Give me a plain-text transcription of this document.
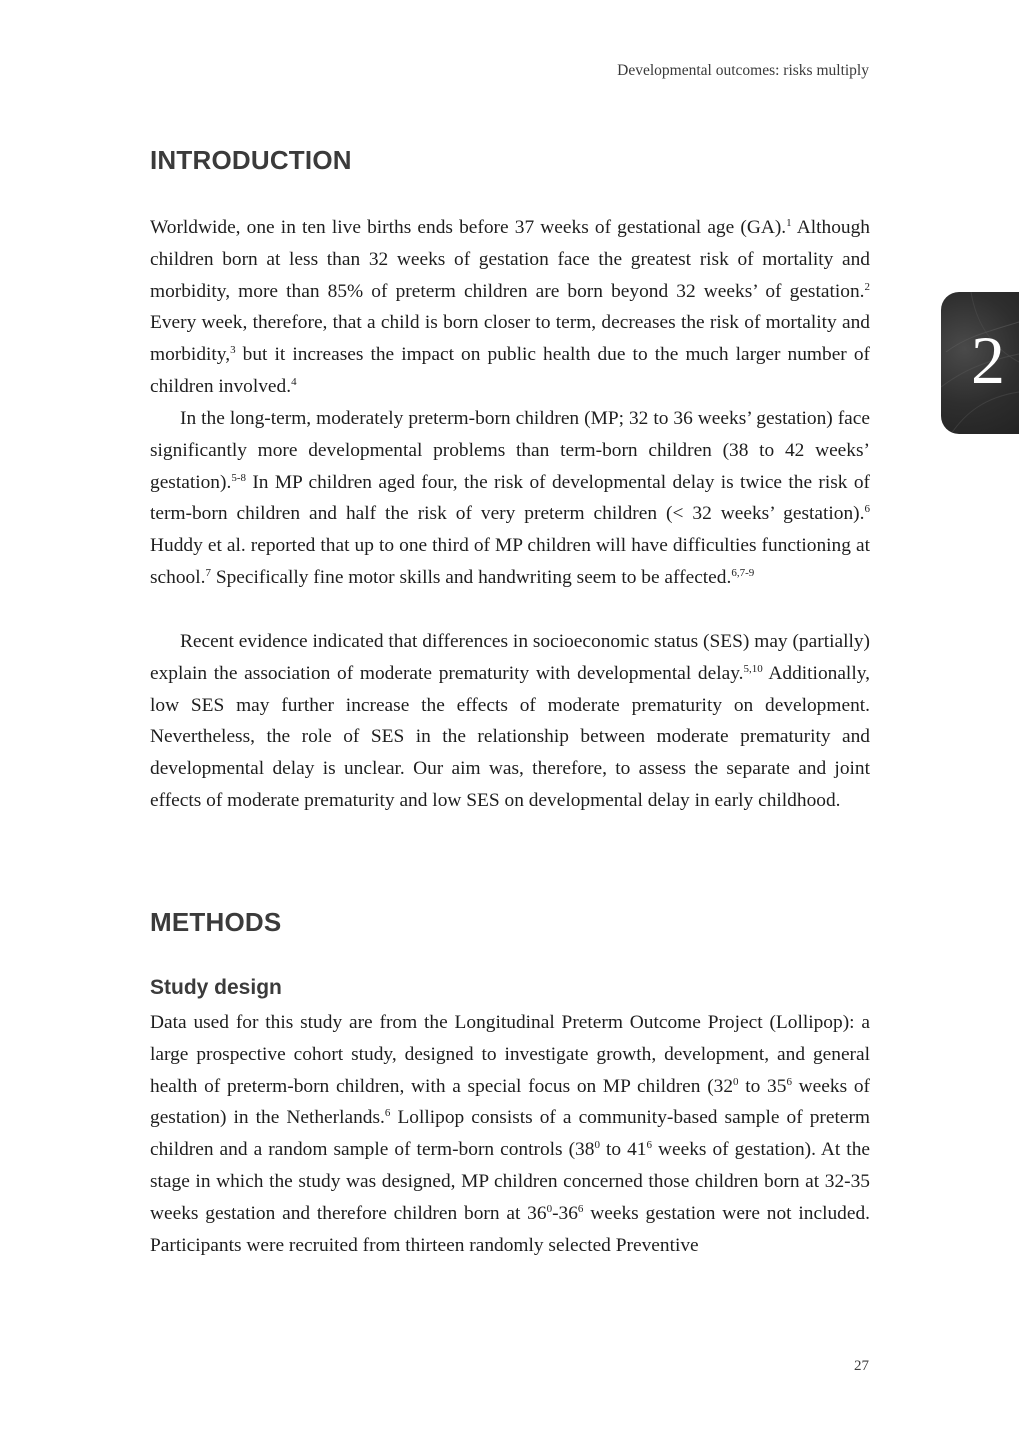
Developmental outcomes: risks multiply
2
INTRODUCTION

Worldwide, one in ten live births ends before 37 weeks of gestational age (GA).$^1$ Although children born at less than 32 weeks of gestation face the greatest risk of mortality and morbidity, more than 85% of preterm children are born beyond 32 weeks’ of gestation.$^2$ Every week, therefore, that a child is born closer to term, decreases the risk of mortality and morbidity,$^3$ but it increases the impact on public health due to the much larger number of children involved.$^4$

In the long-term, moderately preterm-born children (MP; 32 to 36 weeks’ gestation) face significantly more developmental problems than term-born children (38 to 42 weeks’ gestation).$^{5-8}$ In MP children aged four, the risk of developmental delay is twice the risk of term-born children and half the risk of very preterm children (< 32 weeks’ gestation).$^6$ Huddy et al. reported that up to one third of MP children will have difficulties functioning at school.$^7$ Specifically fine motor skills and handwriting seem to be affected.$^{6,7-9}$

Recent evidence indicated that differences in socioeconomic status (SES) may (partially) explain the association of moderate prematurity with developmental delay.$^{5,10}$ Additionally, low SES may further increase the effects of moderate prematurity on development. Nevertheless, the role of SES in the relationship between moderate prematurity and developmental delay is unclear. Our aim was, therefore, to assess the separate and joint effects of moderate prematurity and low SES on developmental delay in early childhood.

METHODS
Study design

Data used for this study are from the Longitudinal Preterm Outcome Project (Lollipop): a large prospective cohort study, designed to investigate growth, development, and general health of preterm-born children, with a special focus on MP children ($32^0$ to $35^6$ weeks of gestation) in the Netherlands.$^6$ Lollipop consists of a community-based sample of preterm children and a random sample of term-born controls ($38^0$ to $41^6$ weeks of gestation). At the stage in which the study was designed, MP children concerned those children born at 32-35 weeks gestation and therefore children born at $36^0-36^6$ weeks gestation were not included. Participants were recruited from thirteen randomly selected Preventive

27
